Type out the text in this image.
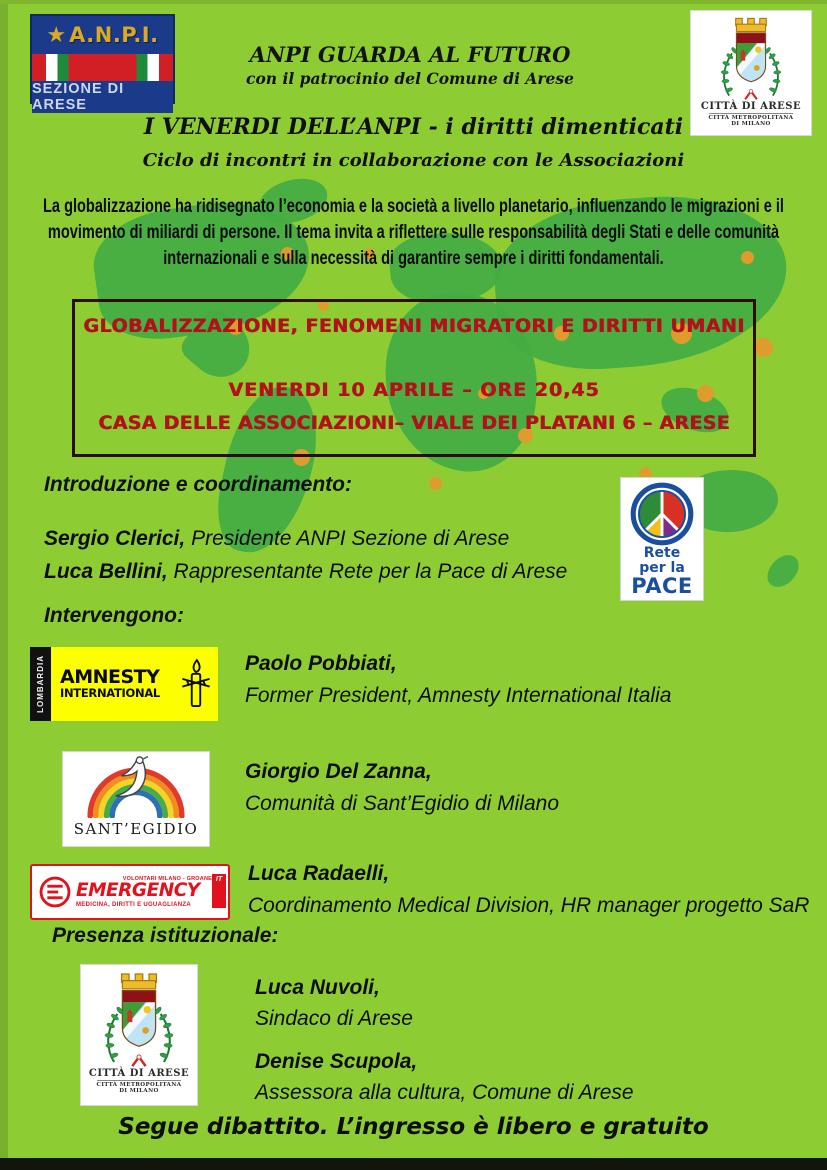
★ A.N.P.I.
SEZIONE DI ARESE
ANPI GUARDA AL FUTURO
con il patrocinio del Comune di Arese
CITTÀ DI ARESE
CITTÀ METROPOLITANA
DI MILANO
I VENERDI DELL’ANPI - i diritti dimenticati
Ciclo di incontri in collaborazione con le Associazioni
La globalizzazione ha ridisegnato l’economia e la società a livello planetario, influenzando le migrazioni e il movimento di miliardi di persone. Il tema invita a riflettere sulle responsabilità degli Stati e delle comunità internazionali e sulla necessità di garantire sempre i diritti fondamentali.
GLOBALIZZAZIONE, FENOMENI MIGRATORI E DIRITTI UMANI
VENERDI 10 APRILE – ORE 20,45
CASA DELLE ASSOCIAZIONI– VIALE DEI PLATANI 6 – ARESE
Introduzione e coordinamento:
Sergio Clerici, Presidente ANPI Sezione di Arese
Luca Bellini, Rappresentante Rete per la Pace di Arese
Rete
per la
PACE
Intervengono:
LOMBARDIA AMNESTY
INTERNATIONAL
Paolo Pobbiati,
Former President, Amnesty International Italia
SANT’EGIDIO
Giorgio Del Zanna,
Comunità di Sant’Egidio di Milano
VOLONTARI MILANO - GROANE
EMERGENCY
MEDICINA, DIRITTI E UGUAGLIANZA
IT Luca Radaelli,
Coordinamento Medical Division, HR manager progetto SaR
Presenza istituzionale:
CITTÀ DI ARESE
CITTÀ METROPOLITANA
DI MILANO
Luca Nuvoli,
Sindaco di Arese
Denise Scupola,
Assessora alla cultura, Comune di Arese
Segue dibattito. L’ingresso è libero e gratuito
